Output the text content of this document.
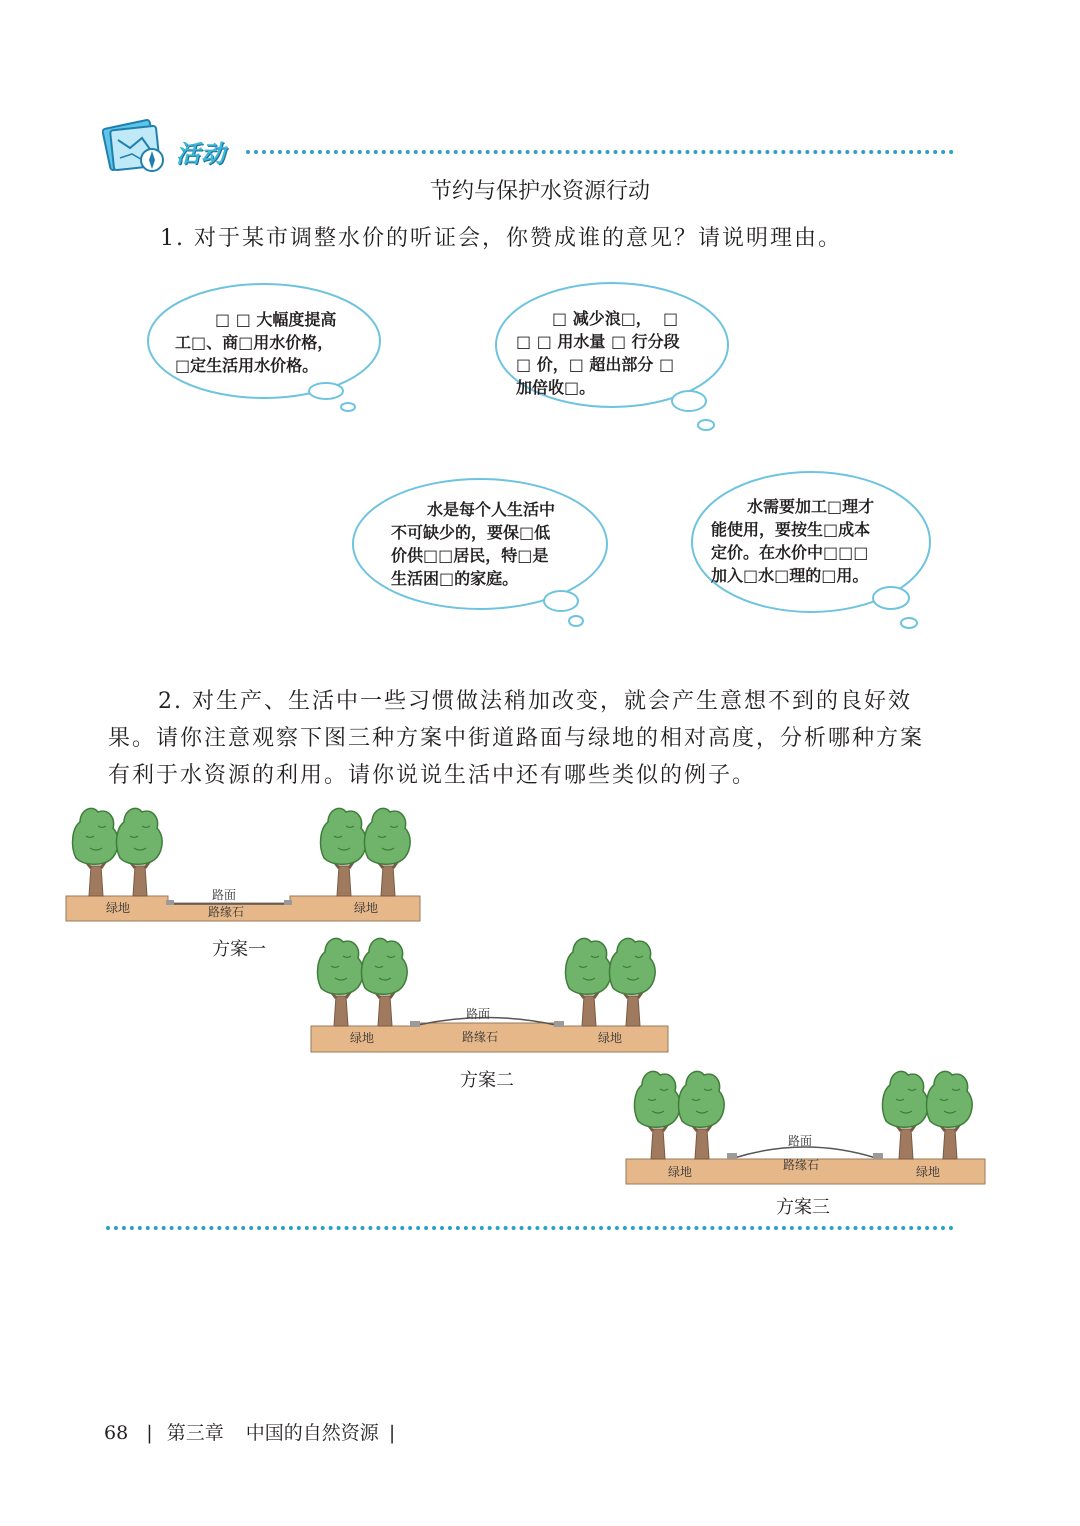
活动
节约与保护水资源行动
1. 对于某市调整水价的听证会，你赞成谁的意见？请说明理由。

□ □ 大幅度提高

工□、商□用水价格，

□定生活用水价格。

□ 减少浪□，  □

□ □ 用水量 □ 行分段

□ 价，□ 超出部分 □

加倍收□。

水是每个人生活中

不可缺少的，要保□低

价供□□居民，特□是

生活困□的家庭。

水需要加工□理才

能使用，要按生□成本

定价。在水价中□□□

加入□水□理的□用。

2. 对生产、生活中一些习惯做法稍加改变，就会产生意想不到的良好效
果。请你注意观察下图三种方案中街道路面与绿地的相对高度，分析哪种方案
有利于水资源的利用。请你说说生活中还有哪些类似的例子。
路面
路缘石
绿地	绿地
路面
路缘石
绿地	绿地
路面
路缘石
绿地	绿地
方案一
方案二
方案三
68 | 第三章 中国的自然资源 |
